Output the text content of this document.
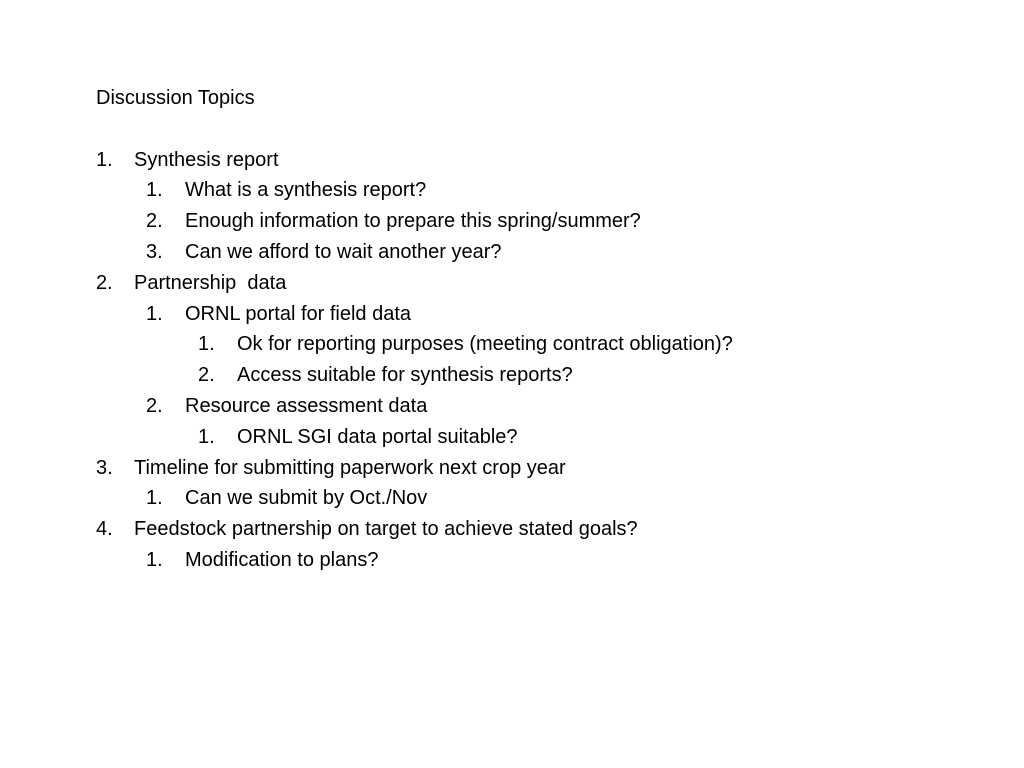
Discussion Topics
1. Synthesis report
1. What is a synthesis report?
2. Enough information to prepare this spring/summer?
3. Can we afford to wait another year?
2. Partnership  data
1. ORNL portal for field data
1. Ok for reporting purposes (meeting contract obligation)?
2. Access suitable for synthesis reports?
2. Resource assessment data
1. ORNL SGI data portal suitable?
3. Timeline for submitting paperwork next crop year
1. Can we submit by Oct./Nov
4. Feedstock partnership on target to achieve stated goals?
1. Modification to plans?
